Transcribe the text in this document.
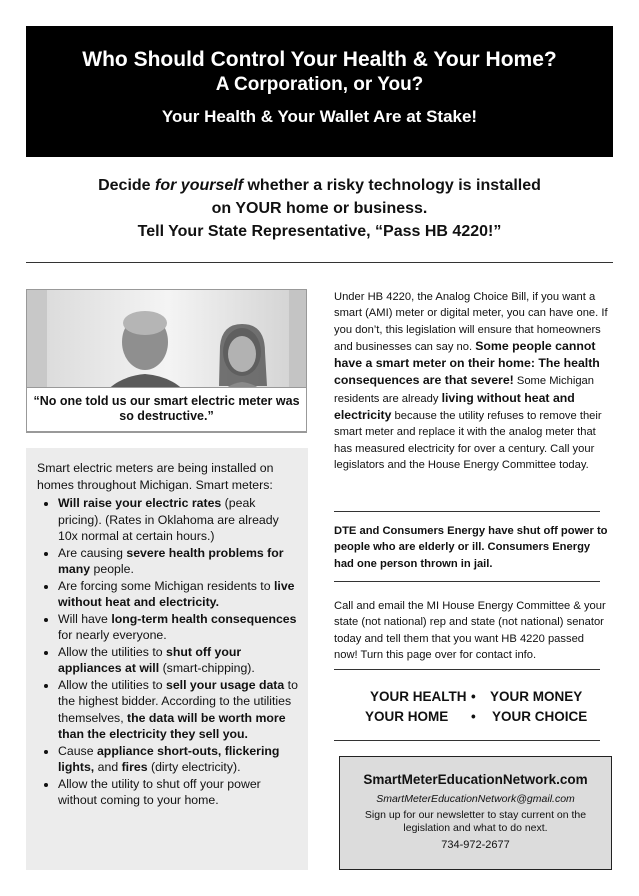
Who Should Control Your Health & Your Home?
A Corporation, or You?
Your Health & Your Wallet Are at Stake!
Decide for yourself whether a risky technology is installed
on YOUR home or business.
Tell Your State Representative, “Pass HB 4220!”
“No one told us our smart electric meter was so destructive.”
Smart electric meters are being installed on homes throughout Michigan. Smart meters:
• Will raise your electric rates (peak pricing). (Rates in Oklahoma are already 10x normal at certain hours.)
• Are causing severe health problems for many people.
• Are forcing some Michigan residents to live without heat and electricity.
• Will have long-term health consequences for nearly everyone.
• Allow the utilities to shut off your appliances at will (smart-chipping).
• Allow the utilities to sell your usage data to the highest bidder. According to the utilities themselves, the data will be worth more than the electricity they sell you.
• Cause appliance short-outs, flickering lights, and fires (dirty electricity).
• Allow the utility to shut off your power without coming to your home.
Under HB 4220, the Analog Choice Bill, if you want a smart (AMI) meter or digital meter, you can have one. If you don’t, this legislation will ensure that homeowners and businesses can say no. Some people cannot have a smart meter on their home: The health consequences are that severe! Some Michigan residents are already living without heat and electricity because the utility refuses to remove their smart meter and replace it with the analog meter that has measured electricity for over a century. Call your legislators and the House Energy Committee today.
DTE and Consumers Energy have shut off power to people who are elderly or ill. Consumers Energy had one person thrown in jail.
Call and email the MI House Energy Committee & your state (not national) rep and state (not national) senator today and tell them that you want HB 4220 passed now! Turn this page over for contact info.
YOUR HEALTH • YOUR MONEY
YOUR HOME • YOUR CHOICE
SmartMeterEducationNetwork.com
SmartMeterEducationNetwork@gmail.com
Sign up for our newsletter to stay current on the legislation and what to do next.
734-972-2677
